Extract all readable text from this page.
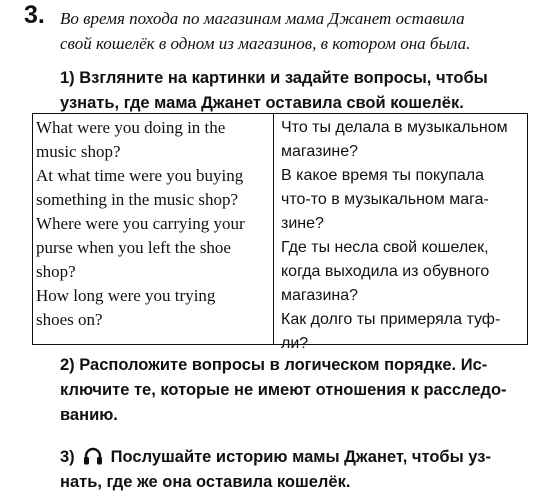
3. Во время похода по магазинам мама Джанет оставила
свой кошелёк в одном из магазинов, в котором она была.
1) Взгляните на картинки и задайте вопросы, чтобы
узнать, где мама Джанет оставила свой кошелёк.
What were you doing in the
music shop?
At what time were you buying
something in the music shop?
Where were you carrying your
purse when you left the shoe
shop?
How long were you trying
shoes on?
Что ты делала в музыкальном
магазине?
В какое время ты покупала
что-то в музыкальном мага-
зине?
Где ты несла свой кошелек,
когда выходила из обувного
магазина?
Как долго ты примеряла туф-
ли?
2) Расположите вопросы в логическом порядке. Ис-
ключите те, которые не имеют отношения к расследо-
ванию.
3) Послушайте историю мамы Джанет, чтобы уз-
нать, где же она оставила кошелёк.
